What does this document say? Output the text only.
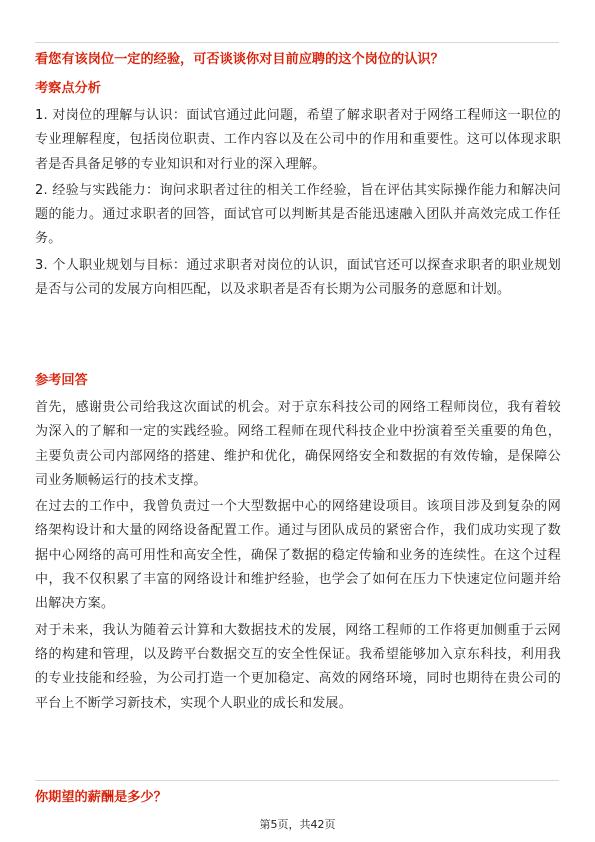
看您有该岗位一定的经验，可否谈谈你对目前应聘的这个岗位的认识？
考察点分析

1. 对岗位的理解与认识：面试官通过此问题，希望了解求职者对于网络工程师这一职位的专业理解程度，包括岗位职责、工作内容以及在公司中的作用和重要性。这可以体现求职者是否具备足够的专业知识和对行业的深入理解。

2. 经验与实践能力：询问求职者过往的相关工作经验，旨在评估其实际操作能力和解决问题的能力。通过求职者的回答，面试官可以判断其是否能迅速融入团队并高效完成工作任务。

3. 个人职业规划与目标：通过求职者对岗位的认识，面试官还可以探查求职者的职业规划是否与公司的发展方向相匹配，以及求职者是否有长期为公司服务的意愿和计划。

参考回答

首先，感谢贵公司给我这次面试的机会。对于京东科技公司的网络工程师岗位，我有着较为深入的了解和一定的实践经验。网络工程师在现代科技企业中扮演着至关重要的角色，主要负责公司内部网络的搭建、维护和优化，确保网络安全和数据的有效传输，是保障公司业务顺畅运行的技术支撑。

在过去的工作中，我曾负责过一个大型数据中心的网络建设项目。该项目涉及到复杂的网络架构设计和大量的网络设备配置工作。通过与团队成员的紧密合作，我们成功实现了数据中心网络的高可用性和高安全性，确保了数据的稳定传输和业务的连续性。在这个过程中，我不仅积累了丰富的网络设计和维护经验，也学会了如何在压力下快速定位问题并给出解决方案。

对于未来，我认为随着云计算和大数据技术的发展，网络工程师的工作将更加侧重于云网络的构建和管理，以及跨平台数据交互的安全性保证。我希望能够加入京东科技，利用我的专业技能和经验，为公司打造一个更加稳定、高效的网络环境，同时也期待在贵公司的平台上不断学习新技术，实现个人职业的成长和发展。

你期望的薪酬是多少？
第5页，共42页
